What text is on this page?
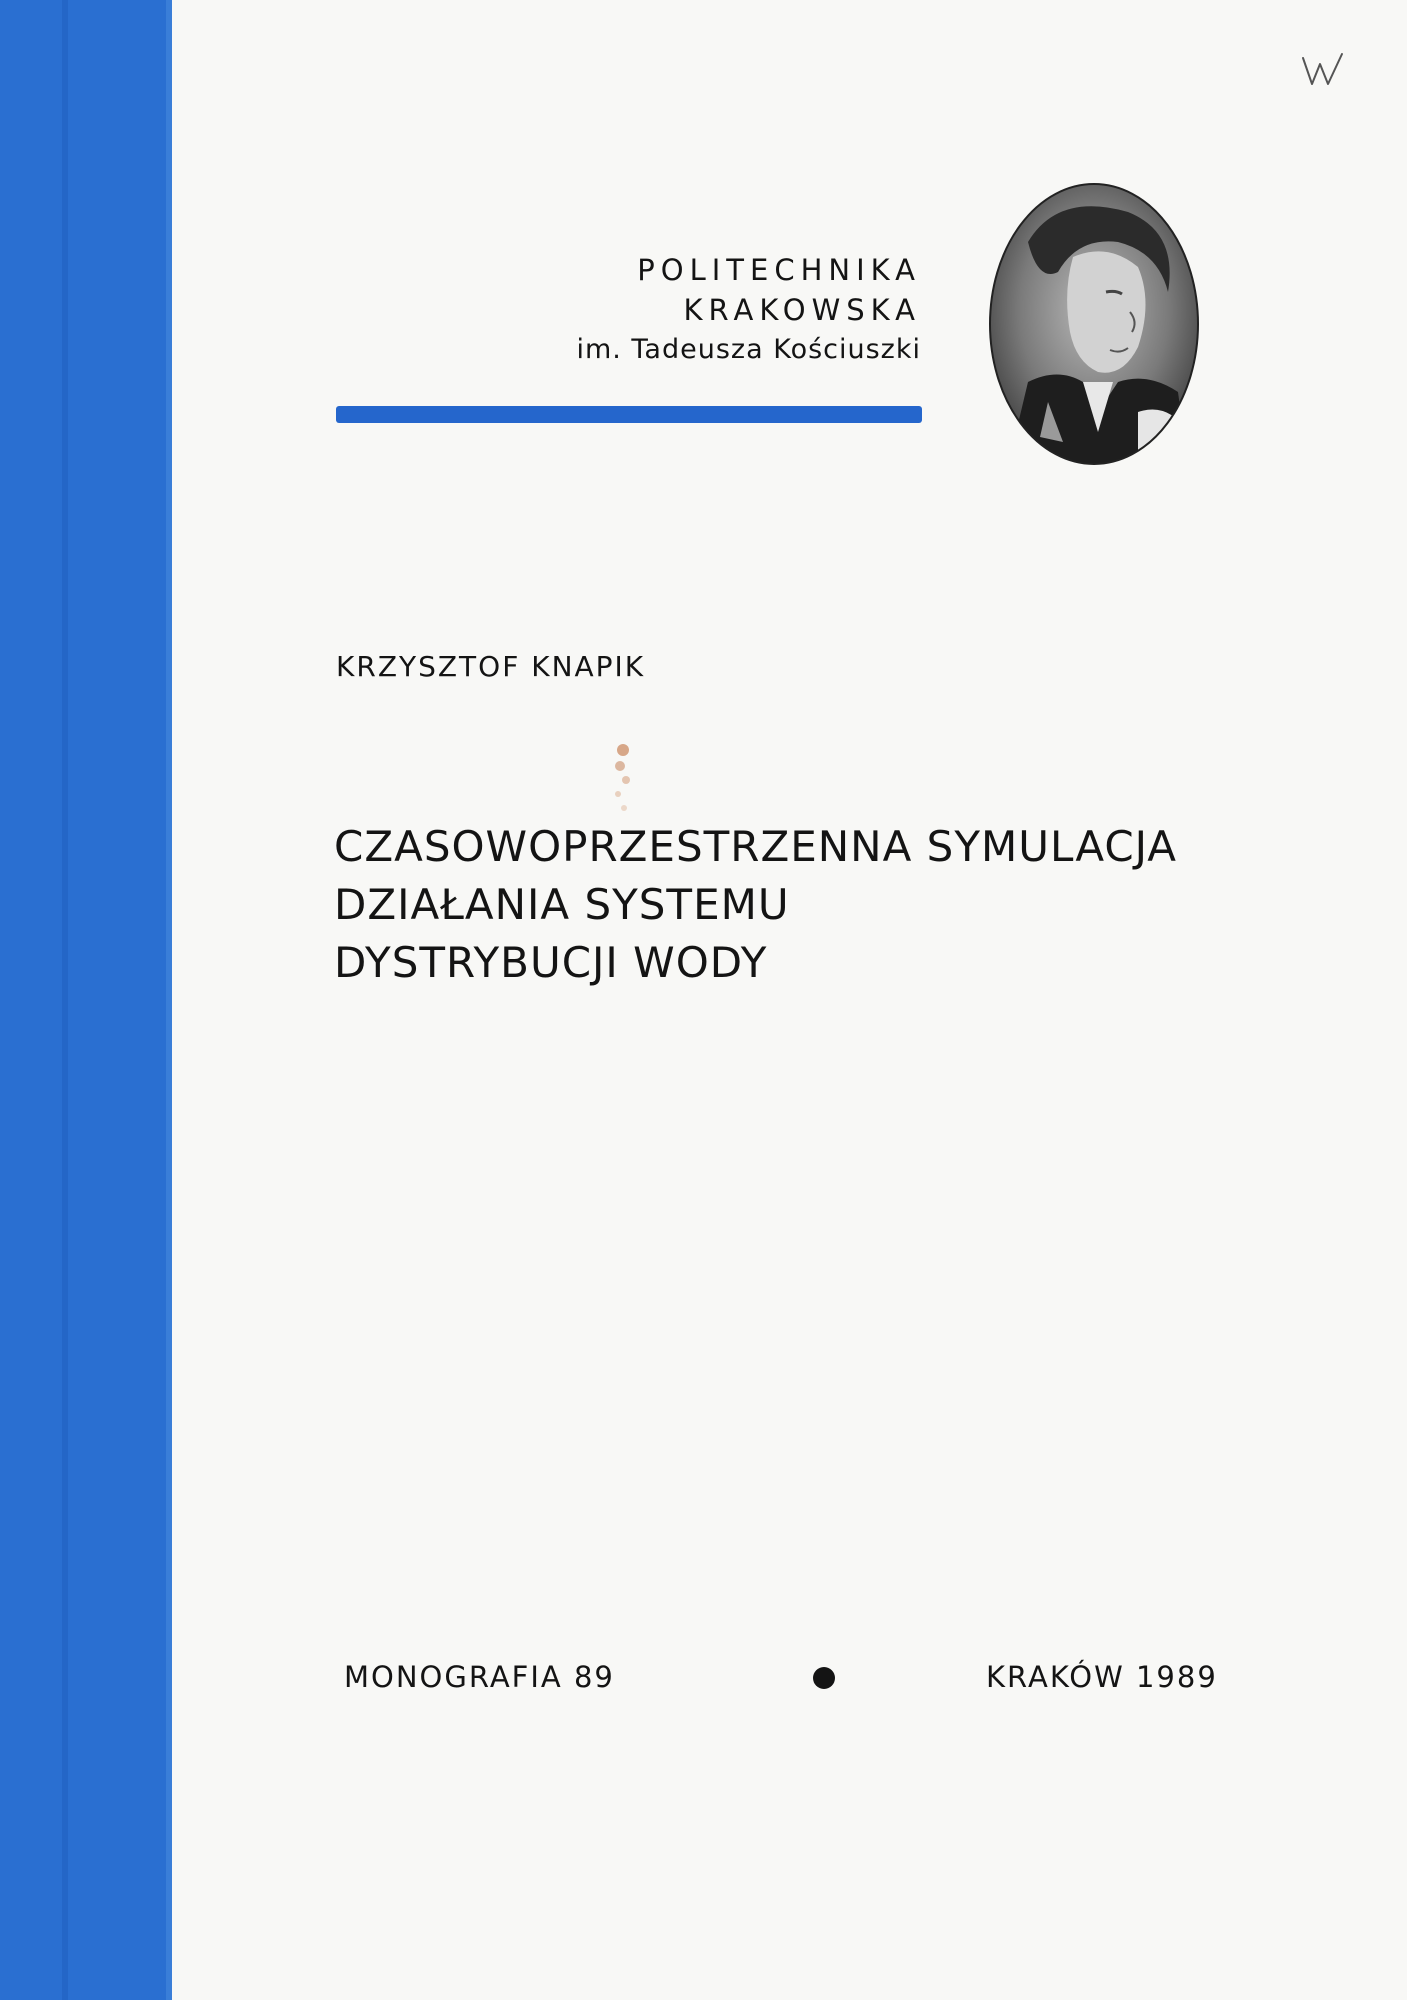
POLITECHNIKA
KRAKOWSKA
im. Tadeusza Kościuszki
KRZYSZTOF KNAPIK
CZASOWOPRZESTRZENNA SYMULACJA
DZIAŁANIA SYSTEMU
DYSTRYBUCJI WODY
MONOGRAFIA 89	KRAKÓW 1989
